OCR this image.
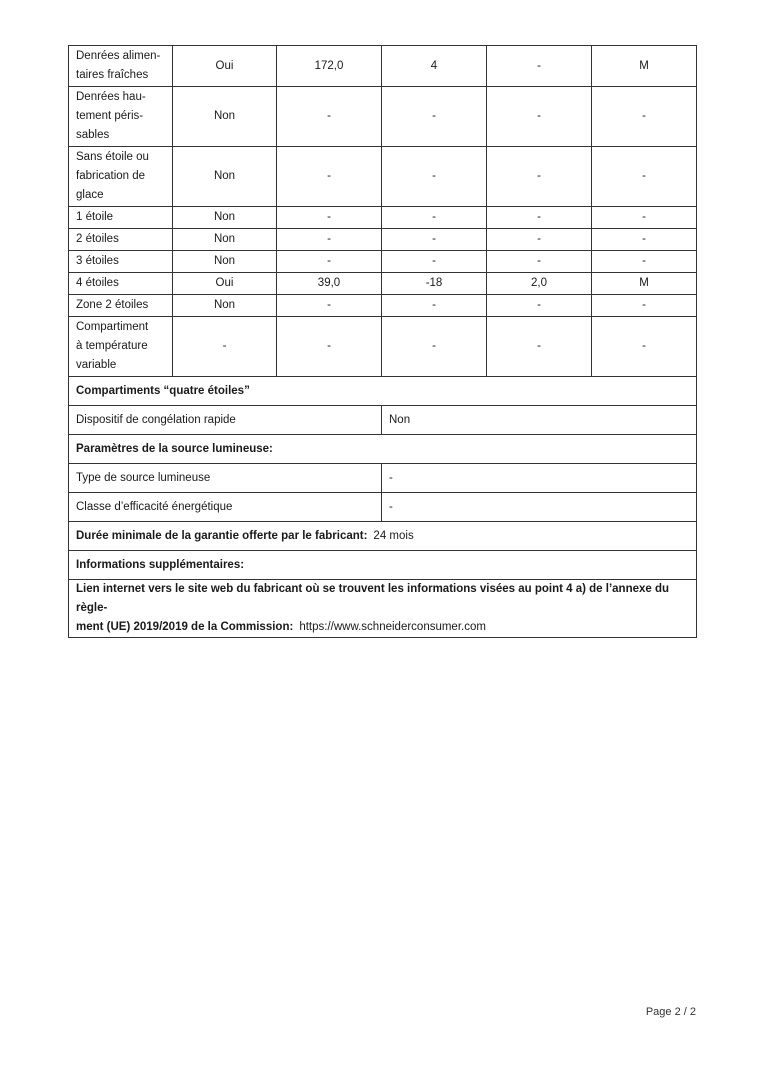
Denrées alimen-
taires fraîches	Oui	172,0	4	-	M

Denrées hau-
tement péris-
sables	Non	-	-	-	-

Sans étoile ou
fabrication de
glace	Non	-	-	-	-

1 étoile	Non	-	-	-	-

2 étoiles	Non	-	-	-	-

3 étoiles	Non	-	-	-	-

4 étoiles	Oui	39,0	-18	2,0	M

Zone 2 étoiles	Non	-	-	-	-

Compartiment
à température
variable	-	-	-	-	-
Compartiments “quatre étoiles”					
Dispositif de congélation rapide			Non		
Paramètres de la source lumineuse:					
Type de source lumineuse			-		
Classe d’efficacité énergétique			-		
Durée minimale de la garantie offerte par le fabricant: 24 mois					
Informations supplémentaires:					

Lien internet vers le site web du fabricant où se trouvent les informations visées au point 4 a) de l’annexe du règle-
ment (UE) 2019/2019 de la Commission: https://www.schneiderconsumer.com					
Page 2 / 2
